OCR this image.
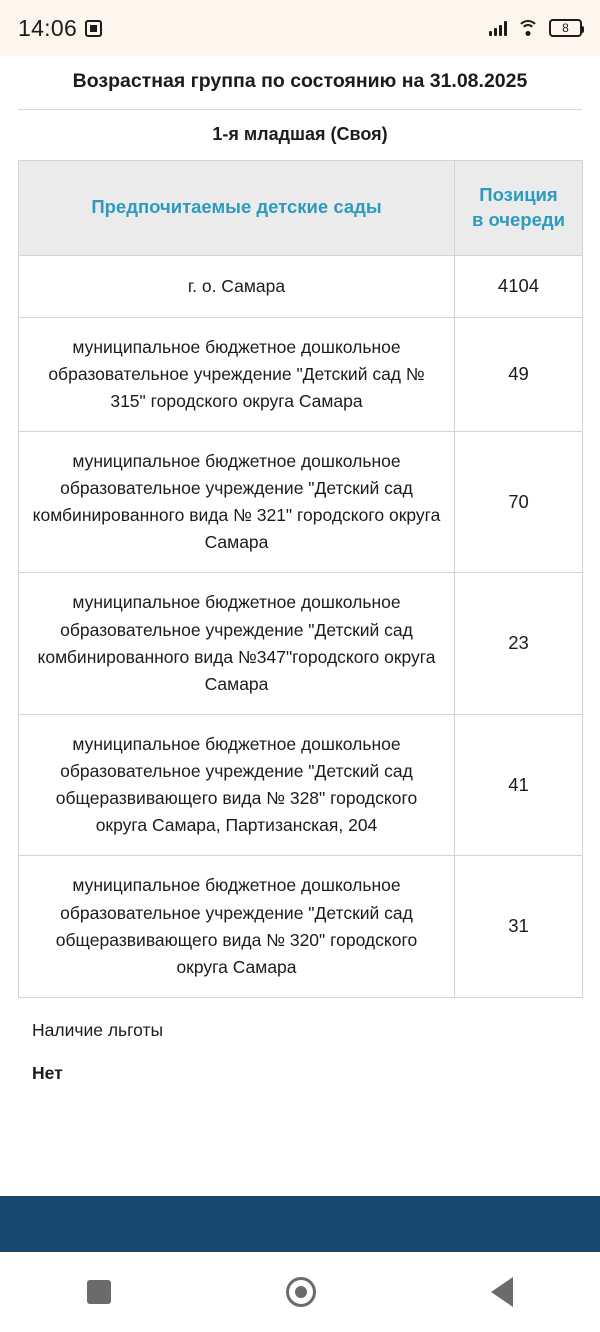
14:06	8
Возрастная группа по состоянию на 31.08.2025
1-я младшая (Своя)
Предпочитаемые детские сады	Позиция
в очереди

г. о. Самара	4104
муниципальное бюджетное дошкольное образовательное учреждение "Детский сад № 315" городского округа Самара	49
муниципальное бюджетное дошкольное образовательное учреждение "Детский сад комбинированного вида № 321" городского округа Самара	70
муниципальное бюджетное дошкольное образовательное учреждение "Детский сад комбинированного вида №347"городского округа Самара	23
муниципальное бюджетное дошкольное образовательное учреждение "Детский сад общеразвивающего вида № 328" городского округа Самара, Партизанская, 204	41
муниципальное бюджетное дошкольное образовательное учреждение "Детский сад общеразвивающего вида № 320" городского округа Самара	31
Наличие льготы
Нет
